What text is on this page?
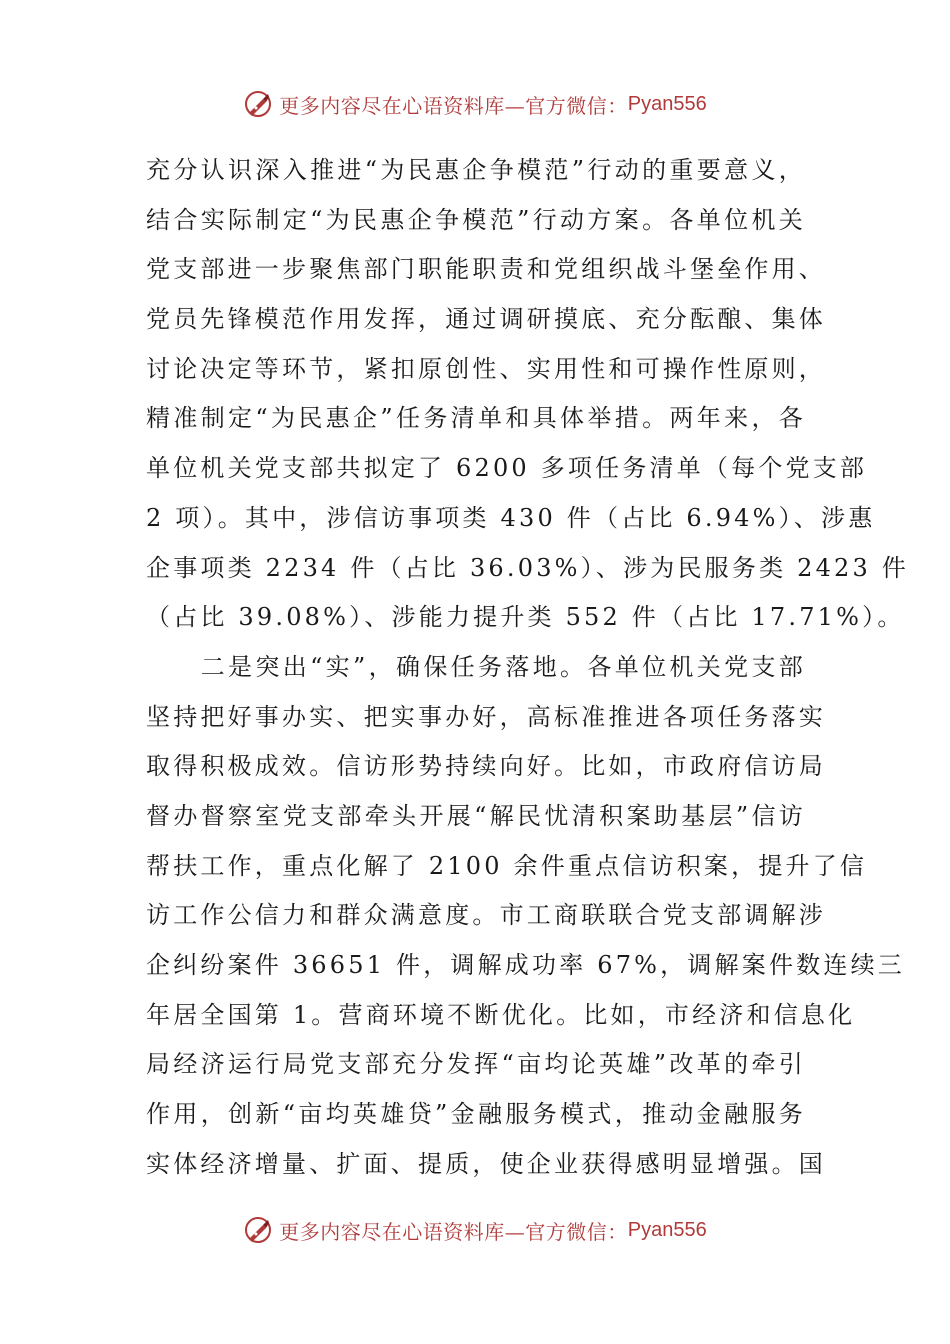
更多内容尽在心语资料库—官方微信： Pyan556
充分认识深入推进“为民惠企争模范”行动的重要意义，
结合实际制定“为民惠企争模范”行动方案。各单位机关
党支部进一步聚焦部门职能职责和党组织战斗堡垒作用、
党员先锋模范作用发挥，通过调研摸底、充分酝酿、集体
讨论决定等环节，紧扣原创性、实用性和可操作性原则，
精准制定“为民惠企”任务清单和具体举措。两年来，各
单位机关党支部共拟定了 6200 多项任务清单（每个党支部
2 项）。其中，涉信访事项类 430 件（占比 6.94%）、涉惠
企事项类 2234 件（占比 36.03%）、涉为民服务类 2423 件
（占比 39.08%）、涉能力提升类 552 件（占比 17.71%）。
　　二是突出“实”，确保任务落地。各单位机关党支部
坚持把好事办实、把实事办好，高标准推进各项任务落实
取得积极成效。信访形势持续向好。比如，市政府信访局
督办督察室党支部牵头开展“解民忧清积案助基层”信访
帮扶工作，重点化解了 2100 余件重点信访积案，提升了信
访工作公信力和群众满意度。市工商联联合党支部调解涉
企纠纷案件 36651 件，调解成功率 67%，调解案件数连续三
年居全国第 1。营商环境不断优化。比如，市经济和信息化
局经济运行局党支部充分发挥“亩均论英雄”改革的牵引
作用，创新“亩均英雄贷”金融服务模式，推动金融服务
实体经济增量、扩面、提质，使企业获得感明显增强。国
更多内容尽在心语资料库—官方微信： Pyan556
